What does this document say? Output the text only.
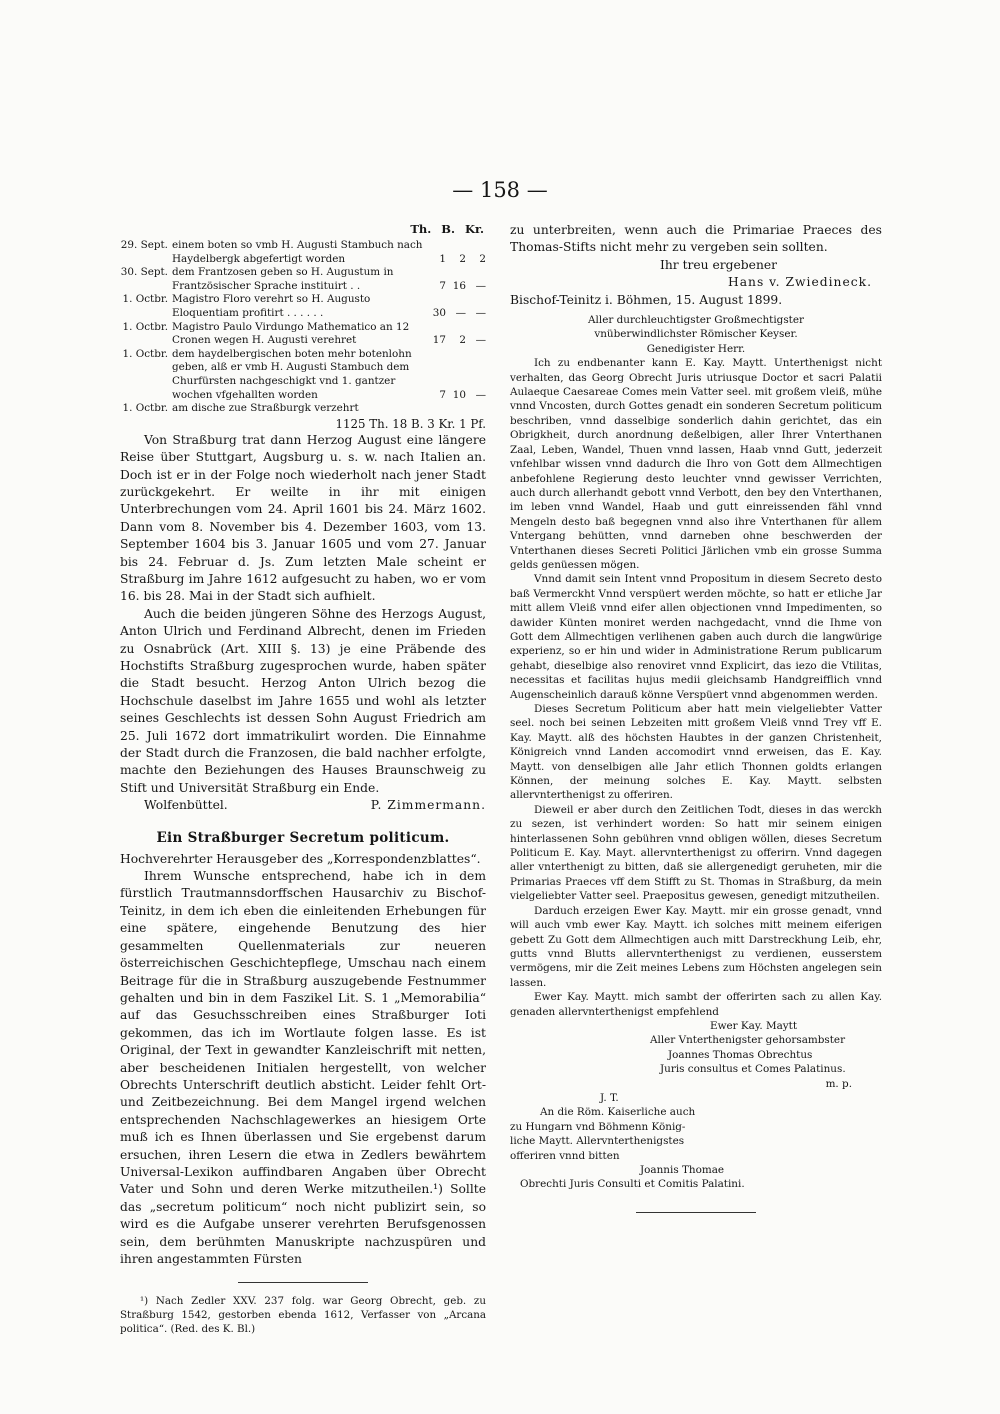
— 158 —
Th. B. Kr.
29. Sept.	einem boten so vmb H. Augusti Stambuch nach Haydelbergk abgefertigt worden	1	2	2
30. Sept.	dem Frantzosen geben so H. Augustum in Frantzösischer Sprache instituirt . .	7	16	—
1. Octbr.	Magistro Floro verehrt so H. Augusto Eloquentiam profitirt . . . . . .	30	—	—
1. Octbr.	Magistro Paulo Virdungo Mathematico an 12 Cronen wegen H. Augusti verehret	17	2	—
1. Octbr.	dem haydelbergischen boten mehr botenlohn geben, alß er vmb H. Augusti Stambuch dem Churfürsten nachgeschigkt vnd 1. gantzer wochen vfgehallten worden	7	10	—
1. Octbr.	am dische zue Straßburgk verzehrt			
1125 Th. 18 B. 3 Kr. 1 Pf.

Von Straßburg trat dann Herzog August eine längere Reise über Stuttgart, Augsburg u. s. w. nach Italien an. Doch ist er in der Folge noch wiederholt nach jener Stadt zurückgekehrt. Er weilte in ihr mit einigen Unterbrechungen vom 24. April 1601 bis 24. März 1602. Dann vom 8. November bis 4. Dezember 1603, vom 13. September 1604 bis 3. Januar 1605 und vom 27. Januar bis 24. Februar d. Js. Zum letzten Male scheint er Straßburg im Jahre 1612 aufgesucht zu haben, wo er vom 16. bis 28. Mai in der Stadt sich aufhielt.

Auch die beiden jüngeren Söhne des Herzogs August, Anton Ulrich und Ferdinand Albrecht, denen im Frieden zu Osnabrück (Art. XIII §. 13) je eine Präbende des Hochstifts Straßburg zugesprochen wurde, haben später die Stadt besucht. Herzog Anton Ulrich bezog die Hochschule daselbst im Jahre 1655 und wohl als letzter seines Geschlechts ist dessen Sohn August Friedrich am 25. Juli 1672 dort immatrikulirt worden. Die Einnahme der Stadt durch die Franzosen, die bald nachher erfolgte, machte den Beziehungen des Hauses Braunschweig zu Stift und Universität Straßburg ein Ende.

Wolfenbüttel.	P. Zimmermann.
Ein Straßburger Secretum politicum.

Hochverehrter Herausgeber des „Korrespondenzblattes“.

Ihrem Wunsche entsprechend, habe ich in dem fürstlich Trautmannsdorffschen Hausarchiv zu Bischof-Teinitz, in dem ich eben die einleitenden Erhebungen für eine spätere, eingehende Benutzung des hier gesammelten Quellenmaterials zur neueren österreichischen Geschichtepflege, Umschau nach einem Beitrage für die in Straßburg auszugebende Festnummer gehalten und bin in dem Faszikel Lit. S. 1 „Memorabilia“ auf das Gesuchsschreiben eines Straßburger Ioti gekommen, das ich im Wortlaute folgen lasse. Es ist Original, der Text in gewandter Kanzleischrift mit netten, aber bescheidenen Initialen hergestellt, von welcher Obrechts Unterschrift deutlich absticht. Leider fehlt Ort- und Zeitbezeichnung. Bei dem Mangel irgend welchen entsprechenden Nachschlagewerkes an hiesigem Orte muß ich es Ihnen überlassen und Sie ergebenst darum ersuchen, ihren Lesern die etwa in Zedlers bewährtem Universal-Lexikon auffindbaren Angaben über Obrecht Vater und Sohn und deren Werke mitzutheilen.¹) Sollte das „secretum politicum“ noch nicht publizirt sein, so wird es die Aufgabe unserer verehrten Berufsgenossen sein, dem berühmten Manuskripte nachzuspüren und ihren angestammten Fürsten

¹) Nach Zedler XXV. 237 folg. war Georg Obrecht, geb. zu Straßburg 1542, gestorben ebenda 1612, Verfasser von „Arcana politica“. (Red. des K. Bl.)

zu unterbreiten, wenn auch die Primariae Praeces des Thomas-Stifts nicht mehr zu vergeben sein sollten.

Ihr treu ergebener
Hans v. Zwiedineck.
Bischof-Teinitz i. Böhmen, 15. August 1899.
Aller durchleuchtigster Großmechtigster
vnüberwindlichster Römischer Keyser.
Genedigister Herr.

Ich zu endbenanter kann E. Kay. Maytt. Unterthenigst nicht verhalten, das Georg Obrecht Juris utriusque Doctor et sacri Palatii Aulaeque Caesareae Comes mein Vatter seel. mit großem vleiß, mühe vnnd Vncosten, durch Gottes genadt ein sonderen Secretum politicum beschriben, vnnd dasselbige sonderlich dahin gerichtet, das ein Obrigkheit, durch anordnung deßelbigen, aller Ihrer Vnterthanen Zaal, Leben, Wandel, Thuen vnnd lassen, Haab vnnd Gutt, jederzeit vnfehlbar wissen vnnd dadurch die Ihro von Gott dem Allmechtigen anbefohlene Regierung desto leuchter vnnd gewisser Verrichten, auch durch allerhandt gebott vnnd Verbott, den bey den Vnterthanen, im leben vnnd Wandel, Haab und gutt einreissenden fähl vnnd Mengeln desto baß begegnen vnnd also ihre Vnterthanen für allem Vntergang behütten, vnnd darneben ohne beschwerden der Vnterthanen dieses Secreti Politici Järlichen vmb ein grosse Summa gelds genüessen mögen.

Vnnd damit sein Intent vnnd Propositum in diesem Secreto desto baß Vermerckht Vnnd verspüert werden möchte, so hatt er etliche Jar mitt allem Vleiß vnnd eifer allen objectionen vnnd Impedimenten, so dawider Künten moniret werden nachgedacht, vnnd die Ihme von Gott dem Allmechtigen verlihenen gaben auch durch die langwürige experienz, so er hin und wider in Administratione Rerum publicarum gehabt, dieselbige also renoviret vnnd Explicirt, das iezo die Vtilitas, necessitas et facilitas hujus medii gleichsamb Handgreifflich vnnd Augenscheinlich darauß könne Verspüert vnnd abgenommen werden.

Dieses Secretum Politicum aber hatt mein vielgeliebter Vatter seel. noch bei seinen Lebzeiten mitt großem Vleiß vnnd Trey vff E. Kay. Maytt. alß des höchsten Haubtes in der ganzen Christenheit, Königreich vnnd Landen accomodirt vnnd erweisen, das E. Kay. Maytt. von denselbigen alle Jahr etlich Thonnen goldts erlangen Können, der meinung solches E. Kay. Maytt. selbsten allervnterthenigst zu offeriren.

Dieweil er aber durch den Zeitlichen Todt, dieses in das werckh zu sezen, ist verhindert worden: So hatt mir seinem einigen hinterlassenen Sohn gebühren vnnd obligen wöllen, dieses Secretum Politicum E. Kay. Mayt. allervnterthenigst zu offerirn. Vnnd dagegen aller vnterthenigt zu bitten, daß sie allergenedigt geruheten, mir die Primarias Praeces vff dem Stifft zu St. Thomas in Straßburg, da mein vielgeliebter Vatter seel. Praepositus gewesen, genedigt mitzutheilen.

Darduch erzeigen Ewer Kay. Maytt. mir ein grosse genadt, vnnd will auch vmb ewer Kay. Maytt. ich solches mitt meinem eiferigen gebett Zu Gott dem Allmechtigen auch mitt Darstreckhung Leib, ehr, gutts vnnd Blutts allervnterthenigst zu verdienen, eusserstem vermögens, mir die Zeit meines Lebens zum Höchsten angelegen sein lassen.

Ewer Kay. Maytt. mich sambt der offerirten sach zu allen Kay. genaden allervnterthenigst empfehlend

Ewer Kay. Maytt
Aller Vnterthenigster gehorsambster
Joannes Thomas Obrechtus
Juris consultus et Comes Palatinus.
m. p.
J. T.
An die Röm. Kaiserliche auch
zu Hungarn vnd Böhmenn König-
liche Maytt. Allervnterthenigstes
offeriren vnnd bitten
Joannis Thomae
Obrechti Juris Consulti et Comitis Palatini.
